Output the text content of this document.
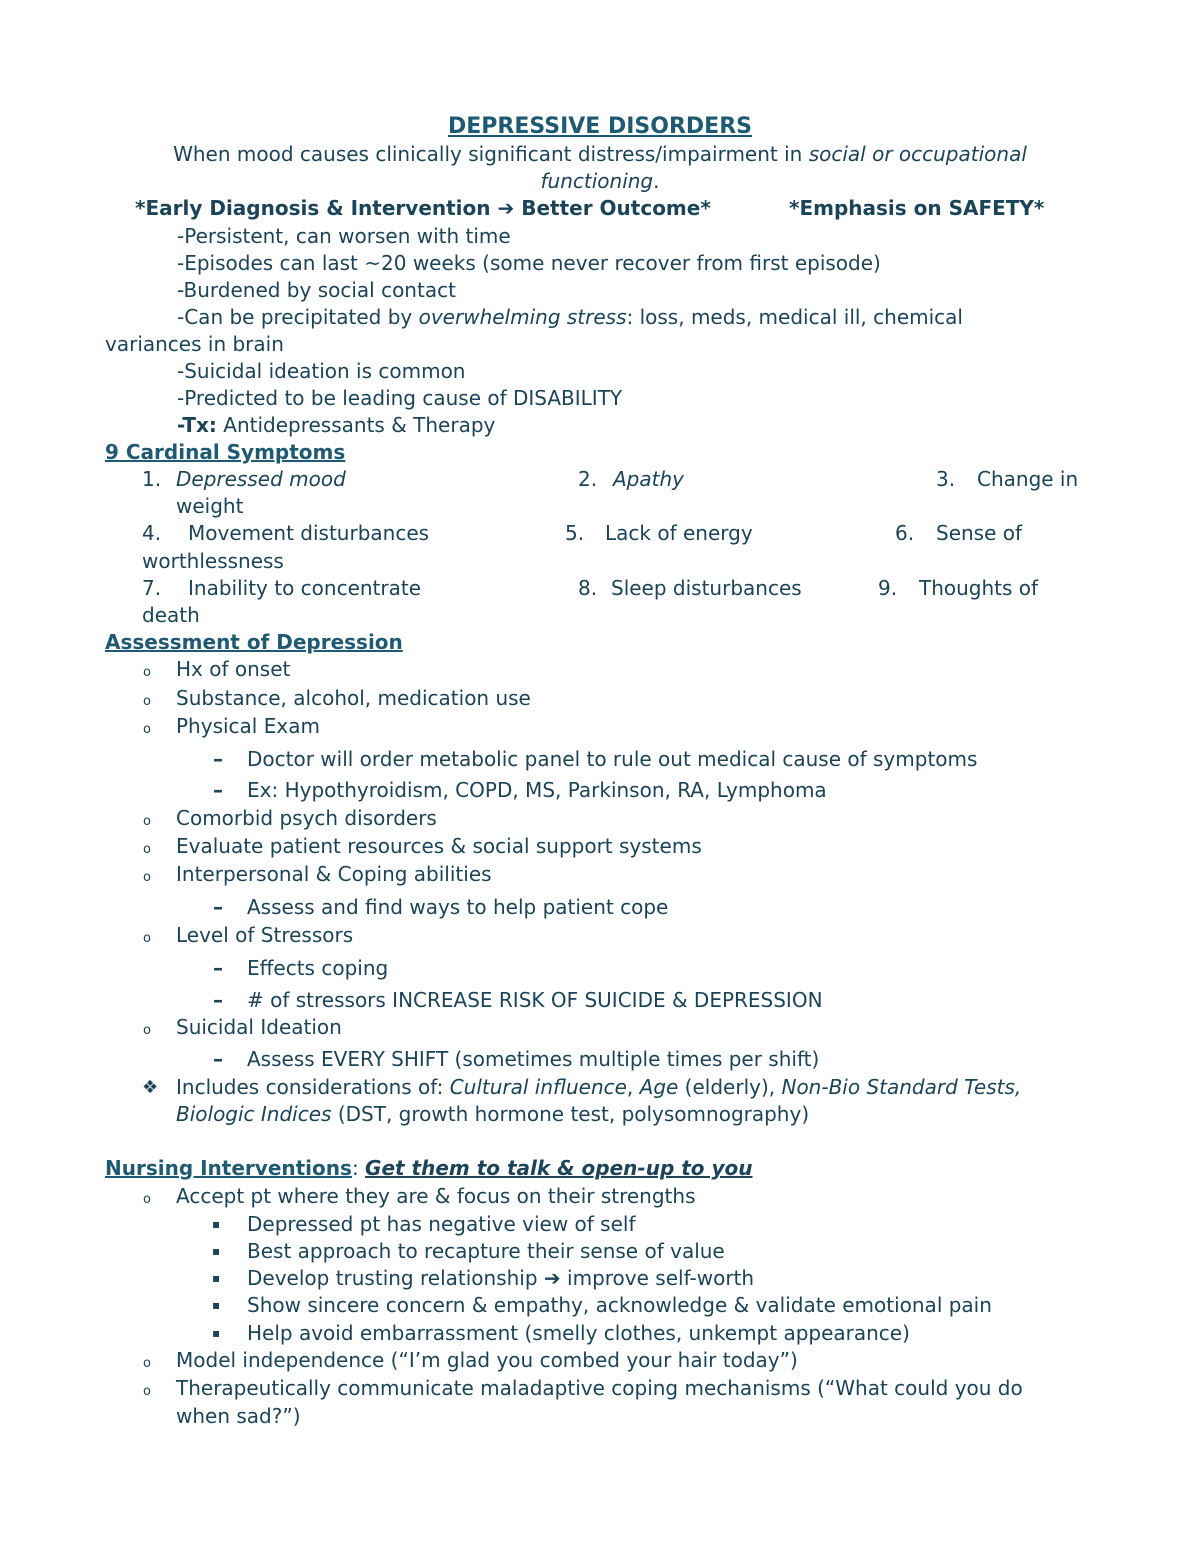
DEPRESSIVE DISORDERS
When mood causes clinically significant distress/impairment in social or occupational
functioning.
*Early Diagnosis & Intervention ➔ Better Outcome*	*Emphasis on SAFETY*
-Persistent, can worsen with time
-Episodes can last ~20 weeks (some never recover from first episode)
-Burdened by social contact
-Can be precipitated by overwhelming stress: loss, meds, medical ill, chemical
variances in brain
-Suicidal ideation is common
-Predicted to be leading cause of DISABILITY
-Tx: Antidepressants & Therapy
9 Cardinal Symptoms
1. Depressed mood	2. Apathy	3. Change in
weight
4. Movement disturbances	5. Lack of energy	6. Sense of
worthlessness
7. Inability to concentrate	8. Sleep disturbances	9. Thoughts of
death
Assessment of Depression
o Hx of onset
o Substance, alcohol, medication use
o Physical Exam
– Doctor will order metabolic panel to rule out medical cause of symptoms
– Ex: Hypothyroidism, COPD, MS, Parkinson, RA, Lymphoma
o Comorbid psych disorders
o Evaluate patient resources & social support systems
o Interpersonal & Coping abilities
– Assess and find ways to help patient cope
o Level of Stressors
– Effects coping
– # of stressors INCREASE RISK OF SUICIDE & DEPRESSION
o Suicidal Ideation
– Assess EVERY SHIFT (sometimes multiple times per shift)
❖ Includes considerations of: Cultural influence, Age (elderly), Non-Bio Standard Tests,
Biologic Indices (DST, growth hormone test, polysomnography)
Nursing Interventions: Get them to talk & open-up to you
o Accept pt where they are & focus on their strengths
▪ Depressed pt has negative view of self
▪ Best approach to recapture their sense of value
▪ Develop trusting relationship ➔ improve self-worth
▪ Show sincere concern & empathy, acknowledge & validate emotional pain
▪ Help avoid embarrassment (smelly clothes, unkempt appearance)
o Model independence (“I’m glad you combed your hair today”)
o Therapeutically communicate maladaptive coping mechanisms (“What could you do
when sad?”)
